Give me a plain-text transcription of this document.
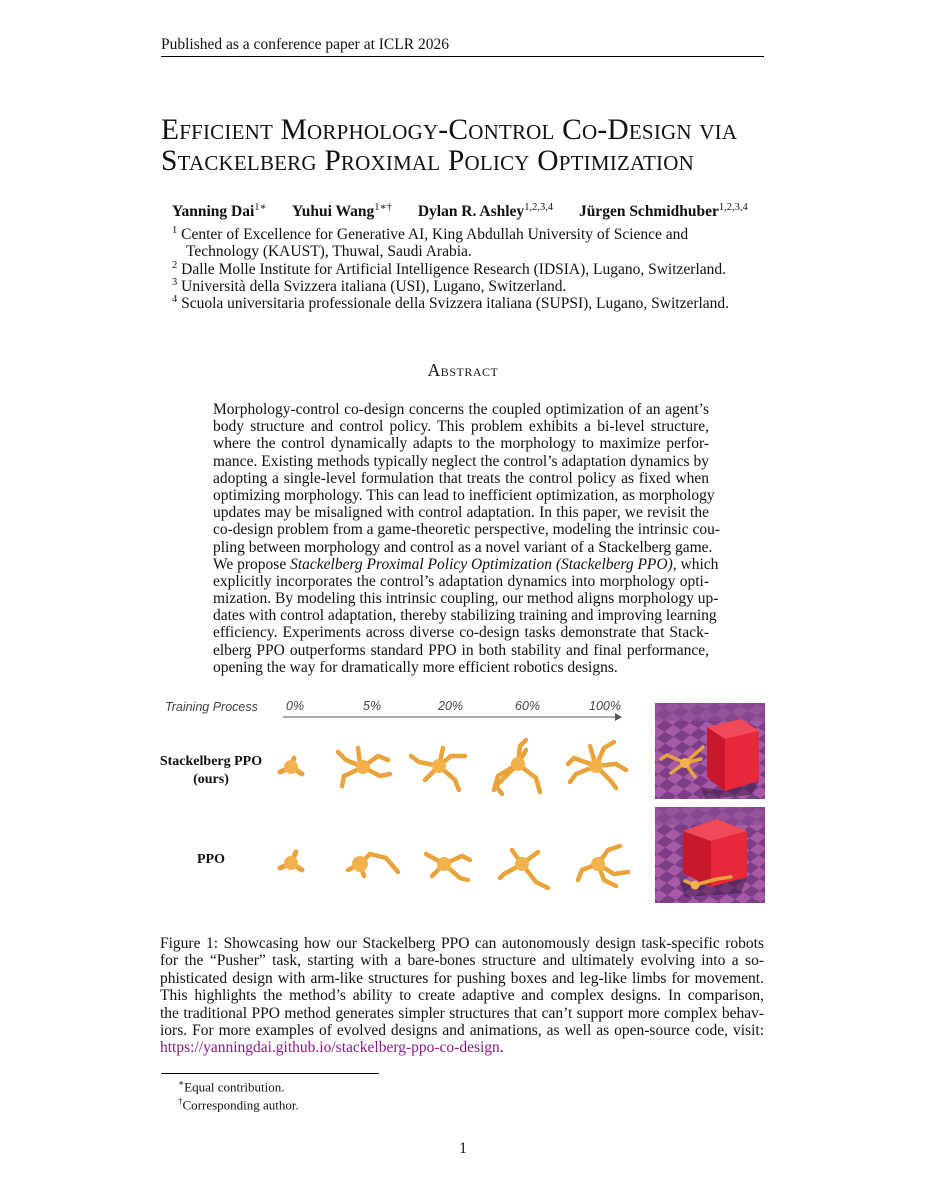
Published as a conference paper at ICLR 2026
Efficient Morphology-Control Co-Design via
Stackelberg Proximal Policy Optimization
Yanning Dai$^{1∗}$ Yuhui Wang$^{1∗\dagger}$ Dylan R. Ashley$^{1,2,3,4}$ Jürgen Schmidhuber$^{1,2,3,4}$
$^1$ Center of Excellence for Generative AI, King Abdullah University of Science and
Technology (KAUST), Thuwal, Saudi Arabia.
$^2$ Dalle Molle Institute for Artificial Intelligence Research (IDSIA), Lugano, Switzerland.
$^3$ Università della Svizzera italiana (USI), Lugano, Switzerland.
$^4$ Scuola universitaria professionale della Svizzera italiana (SUPSI), Lugano, Switzerland.
Abstract
Morphology-control co-design concerns the coupled optimization of an agent’s
body structure and control policy. This problem exhibits a bi-level structure,
where the control dynamically adapts to the morphology to maximize perfor-
mance. Existing methods typically neglect the control’s adaptation dynamics by
adopting a single-level formulation that treats the control policy as fixed when
optimizing morphology. This can lead to inefficient optimization, as morphology
updates may be misaligned with control adaptation. In this paper, we revisit the
co-design problem from a game-theoretic perspective, modeling the intrinsic cou-
pling between morphology and control as a novel variant of a Stackelberg game.
We propose Stackelberg Proximal Policy Optimization (Stackelberg PPO), which
explicitly incorporates the control’s adaptation dynamics into morphology opti-
mization. By modeling this intrinsic coupling, our method aligns morphology up-
dates with control adaptation, thereby stabilizing training and improving learning
efficiency. Experiments across diverse co-design tasks demonstrate that Stack-
elberg PPO outperforms standard PPO in both stability and final performance,
opening the way for dramatically more efficient robotics designs.
Training Process 0%	5%	20%	60%	100%
Stackelberg PPO
(ours)
PPO
Figure 1: Showcasing how our Stackelberg PPO can autonomously design task-specific robots
for the “Pusher” task, starting with a bare-bones structure and ultimately evolving into a so-
phisticated design with arm-like structures for pushing boxes and leg-like limbs for movement.
This highlights the method’s ability to create adaptive and complex designs. In comparison,
the traditional PPO method generates simpler structures that can’t support more complex behav-
iors. For more examples of evolved designs and animations, as well as open-source code, visit:
https://yanningdai.github.io/stackelberg-ppo-co-design.
∗Equal contribution.
†Corresponding author.
1
